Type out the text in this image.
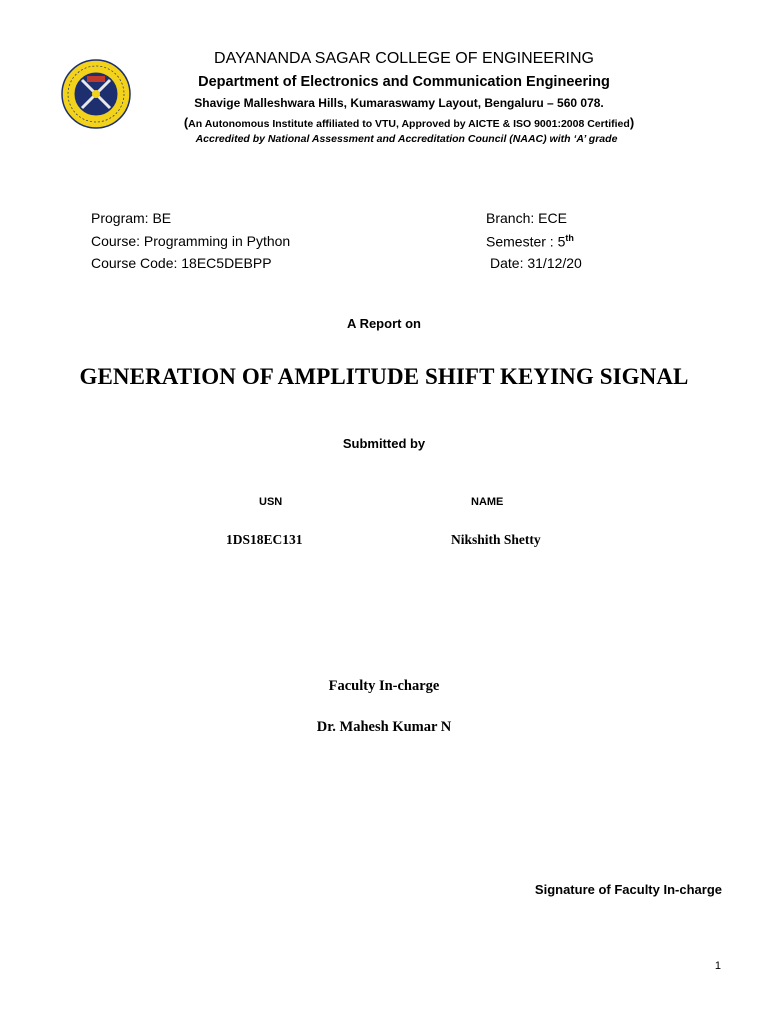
DAYANANDA SAGAR COLLEGE OF ENGINEERING
Department of Electronics and Communication Engineering
Shavige Malleshwara Hills, Kumaraswamy Layout, Bengaluru – 560 078.
(An Autonomous Institute affiliated to VTU, Approved by AICTE & ISO 9001:2008 Certified)
Accredited by National Assessment and Accreditation Council (NAAC) with ‘A’ grade
Program: BE
Course: Programming in Python
Course Code: 18EC5DEBPP
Branch: ECE
Semester : 5th
Date: 31/12/20
A Report on
GENERATION OF AMPLITUDE SHIFT KEYING SIGNAL
Submitted by
USN	NAME
1DS18EC131	Nikshith Shetty
Faculty In-charge
Dr. Mahesh Kumar N
Signature of Faculty In-charge
1
